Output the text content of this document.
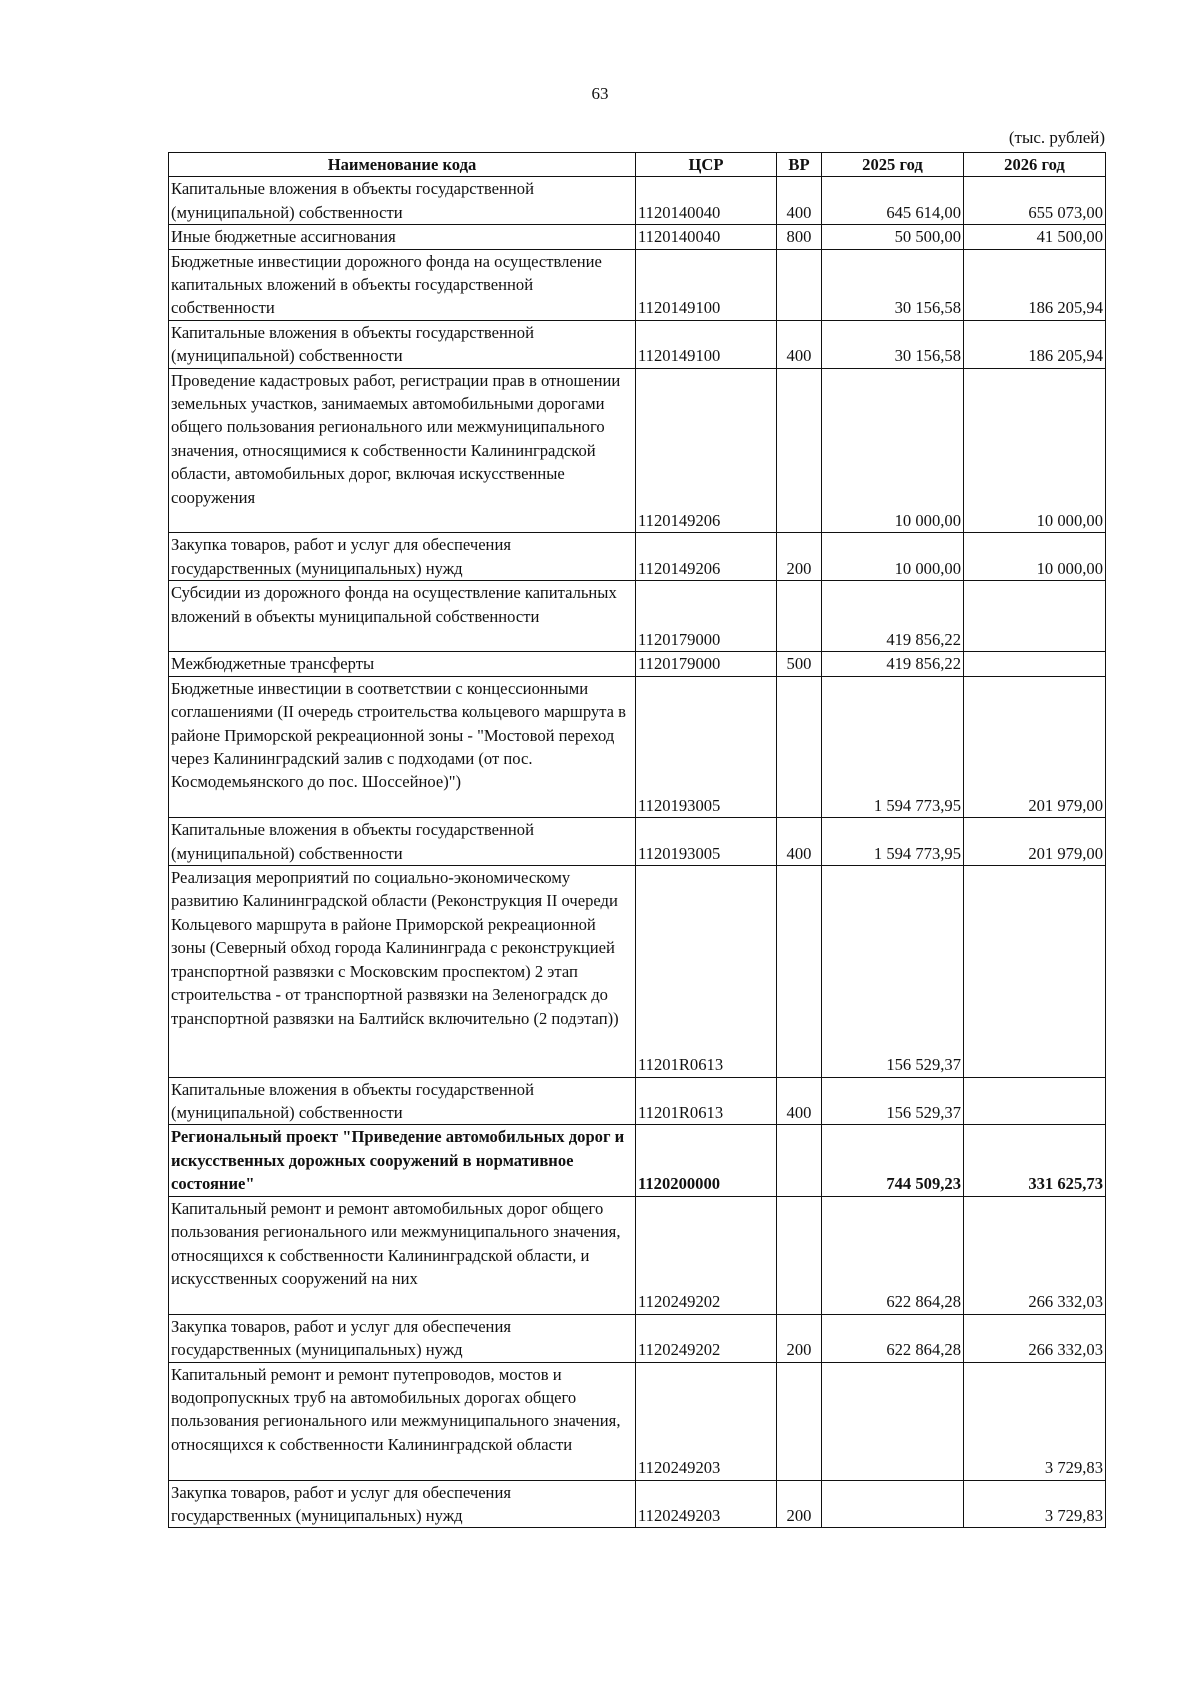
63
(тыс. рублей)
Наименование кода	ЦСР	ВР	2025 год	2026 год
Капитальные вложения в объекты государственной (муниципальной) собственности	1120140040	400	645 614,00	655 073,00
Иные бюджетные ассигнования	1120140040	800	50 500,00	41 500,00
Бюджетные инвестиции дорожного фонда на осуществление капитальных вложений в объекты государственной собственности	1120149100		30 156,58	186 205,94
Капитальные вложения в объекты государственной (муниципальной) собственности	1120149100	400	30 156,58	186 205,94
Проведение кадастровых работ, регистрации прав в отношении земельных участков, занимаемых автомобильными дорогами общего пользования регионального или межмуниципального значения, относящимися к собственности Калининградской области, автомобильных дорог, включая искусственные сооружения	1120149206		10 000,00	10 000,00
Закупка товаров, работ и услуг для обеспечения государственных (муниципальных) нужд	1120149206	200	10 000,00	10 000,00
Субсидии из дорожного фонда на осуществление капитальных вложений в объекты муниципальной собственности	1120179000		419 856,22	
Межбюджетные трансферты	1120179000	500	419 856,22	
Бюджетные инвестиции в соответствии с концессионными соглашениями (II очередь строительства кольцевого маршрута в районе Приморской рекреационной зоны - "Мостовой переход через Калининградский залив с подходами (от пос. Космодемьянского до пос. Шоссейное)")	1120193005		1 594 773,95	201 979,00
Капитальные вложения в объекты государственной (муниципальной) собственности	1120193005	400	1 594 773,95	201 979,00
Реализация мероприятий по социально-экономическому развитию Калининградской области (Реконструкция II очереди Кольцевого маршрута в районе Приморской рекреационной зоны (Северный обход города Калининграда с реконструкцией транспортной развязки с Московским проспектом) 2 этап строительства - от транспортной развязки на Зеленоградск до транспортной развязки на Балтийск включительно (2 подэтап))	11201R0613		156 529,37	
Капитальные вложения в объекты государственной (муниципальной) собственности	11201R0613	400	156 529,37	
Региональный проект "Приведение автомобильных дорог и искусственных дорожных сооружений в нормативное состояние"	1120200000		744 509,23	331 625,73
Капитальный ремонт и ремонт автомобильных дорог общего пользования регионального или межмуниципального значения, относящихся к собственности Калининградской области, и искусственных сооружений на них	1120249202		622 864,28	266 332,03
Закупка товаров, работ и услуг для обеспечения государственных (муниципальных) нужд	1120249202	200	622 864,28	266 332,03
Капитальный ремонт и ремонт путепроводов, мостов и водопропускных труб на автомобильных дорогах общего пользования регионального или межмуниципального значения, относящихся к собственности Калининградской области	1120249203			3 729,83
Закупка товаров, работ и услуг для обеспечения государственных (муниципальных) нужд	1120249203	200		3 729,83
